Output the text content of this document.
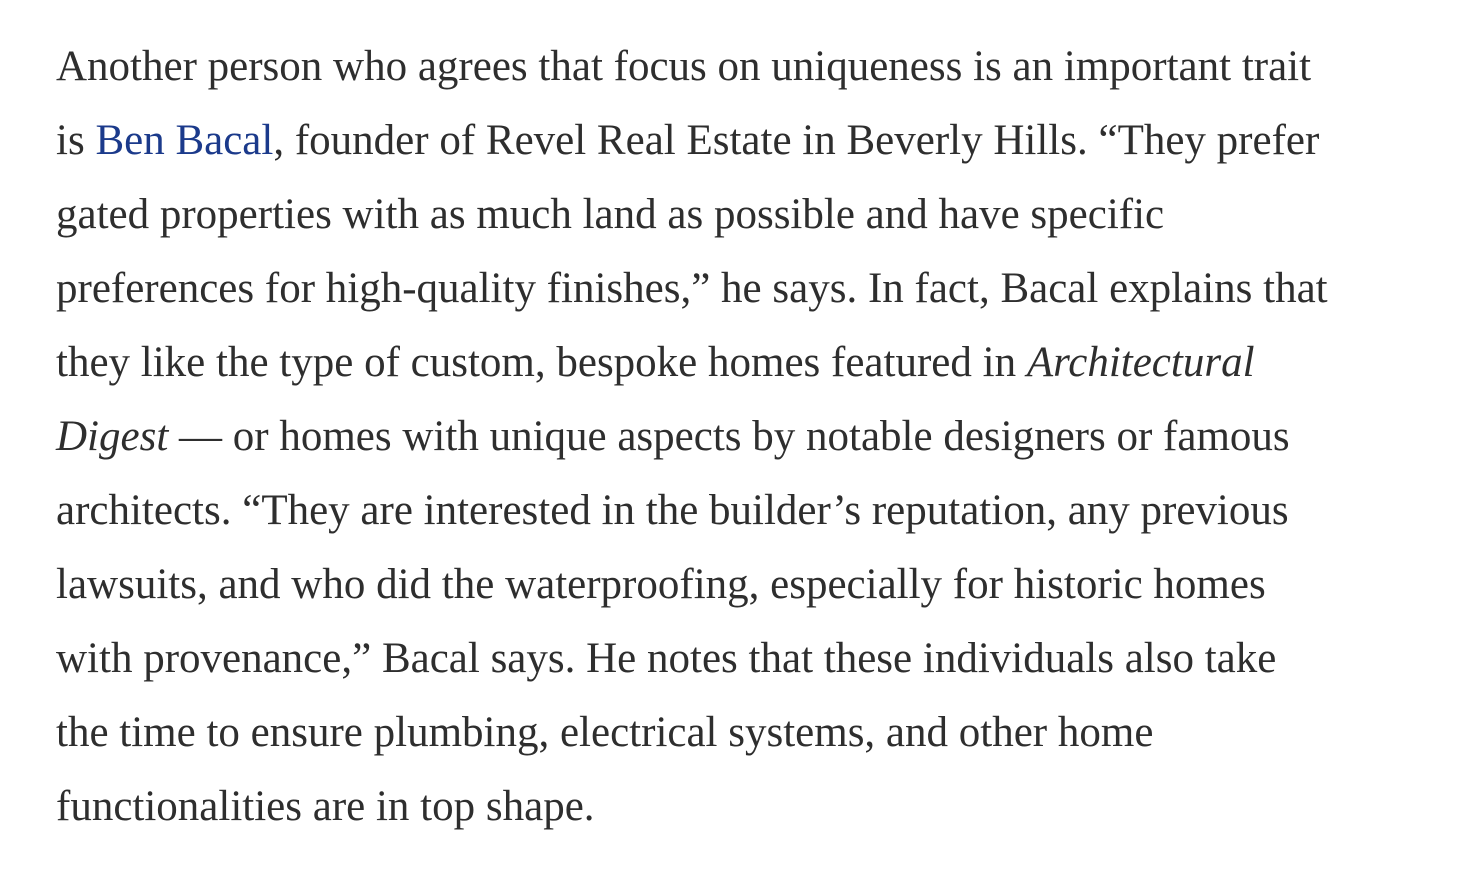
Another person who agrees that focus on uniqueness is an important trait is Ben Bacal, founder of Revel Real Estate in Beverly Hills. “They prefer gated properties with as much land as possible and have specific preferences for high-quality finishes,” he says. In fact, Bacal explains that they like the type of custom, bespoke homes featured in Architectural Digest — or homes with unique aspects by notable designers or famous architects. “They are interested in the builder’s reputation, any previous lawsuits, and who did the waterproofing, especially for historic homes with provenance,” Bacal says. He notes that these individuals also take the time to ensure plumbing, electrical systems, and other home functionalities are in top shape.
